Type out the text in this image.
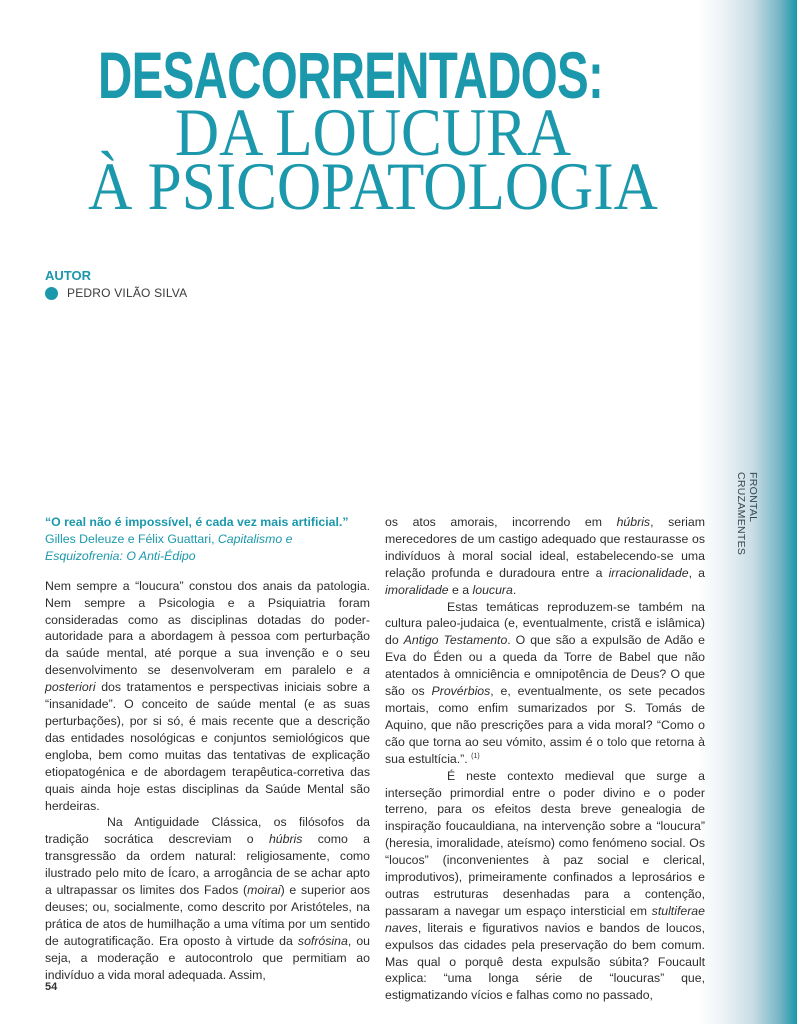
FRONTAL
CRUZAMENTES
DESACORRENTADOS:
DA LOUCURA
À PSICOPATOLOGIA
AUTOR
PEDRO VILÃO SILVA

“O real não é impossível, é cada vez mais artificial.”

Gilles Deleuze e Félix Guattari, Capitalismo e Esquizofrenia: O Anti-Édipo

Nem sempre a “loucura” constou dos anais da patologia. Nem sempre a Psicologia e a Psiquiatria foram consideradas como as disciplinas dotadas do poder-autoridade para a abordagem à pessoa com perturbação da saúde mental, até porque a sua invenção e o seu desenvolvimento se desenvolveram em paralelo e a posteriori dos tratamentos e perspectivas iniciais sobre a “insanidade”. O conceito de saúde mental (e as suas perturbações), por si só, é mais recente que a descrição das entidades nosológicas e conjuntos semiológicos que engloba, bem como muitas das tentativas de explicação etiopatogénica e de abordagem terapêutica-corretiva das quais ainda hoje estas disciplinas da Saúde Mental são herdeiras.

Na Antiguidade Clássica, os filósofos da tradição socrática descreviam o húbris como a transgressão da ordem natural: religiosamente, como ilustrado pelo mito de Ícaro, a arrogância de se achar apto a ultrapassar os limites dos Fados (moirai) e superior aos deuses; ou, socialmente, como descrito por Aristóteles, na prática de atos de humilhação a uma vítima por um sentido de autogratificação. Era oposto à virtude da sofrósina, ou seja, a moderação e autocontrolo que permitiam ao indivíduo a vida moral adequada. Assim,

os atos amorais, incorrendo em húbris, seriam merecedores de um castigo adequado que restaurasse os indivíduos à moral social ideal, estabelecendo-se uma relação profunda e duradoura entre a irracionalidade, a imoralidade e a loucura.

Estas temáticas reproduzem-se também na cultura paleo-judaica (e, eventualmente, cristã e islâmica) do Antigo Testamento. O que são a expulsão de Adão e Eva do Éden ou a queda da Torre de Babel que não atentados à omniciência e omnipotência de Deus? O que são os Provérbios, e, eventualmente, os sete pecados mortais, como enfim sumarizados por S. Tomás de Aquino, que não prescrições para a vida moral? “Como o cão que torna ao seu vómito, assim é o tolo que retorna à sua estultícia.”. $^{(1)}$

É neste contexto medieval que surge a interseção primordial entre o poder divino e o poder terreno, para os efeitos desta breve genealogia de inspiração foucauldiana, na intervenção sobre a “loucura” (heresia, imoralidade, ateísmo) como fenómeno social. Os “loucos” (inconvenientes à paz social e clerical, improdutivos), primeiramente confinados a leprosários e outras estruturas desenhadas para a contenção, passaram a navegar um espaço intersticial em stultiferae naves, literais e figurativos navios e bandos de loucos, expulsos das cidades pela preservação do bem comum. Mas qual o porquê desta expulsão súbita? Foucault explica: “uma longa série de “loucuras” que, estigmatizando vícios e falhas como no passado,

54
